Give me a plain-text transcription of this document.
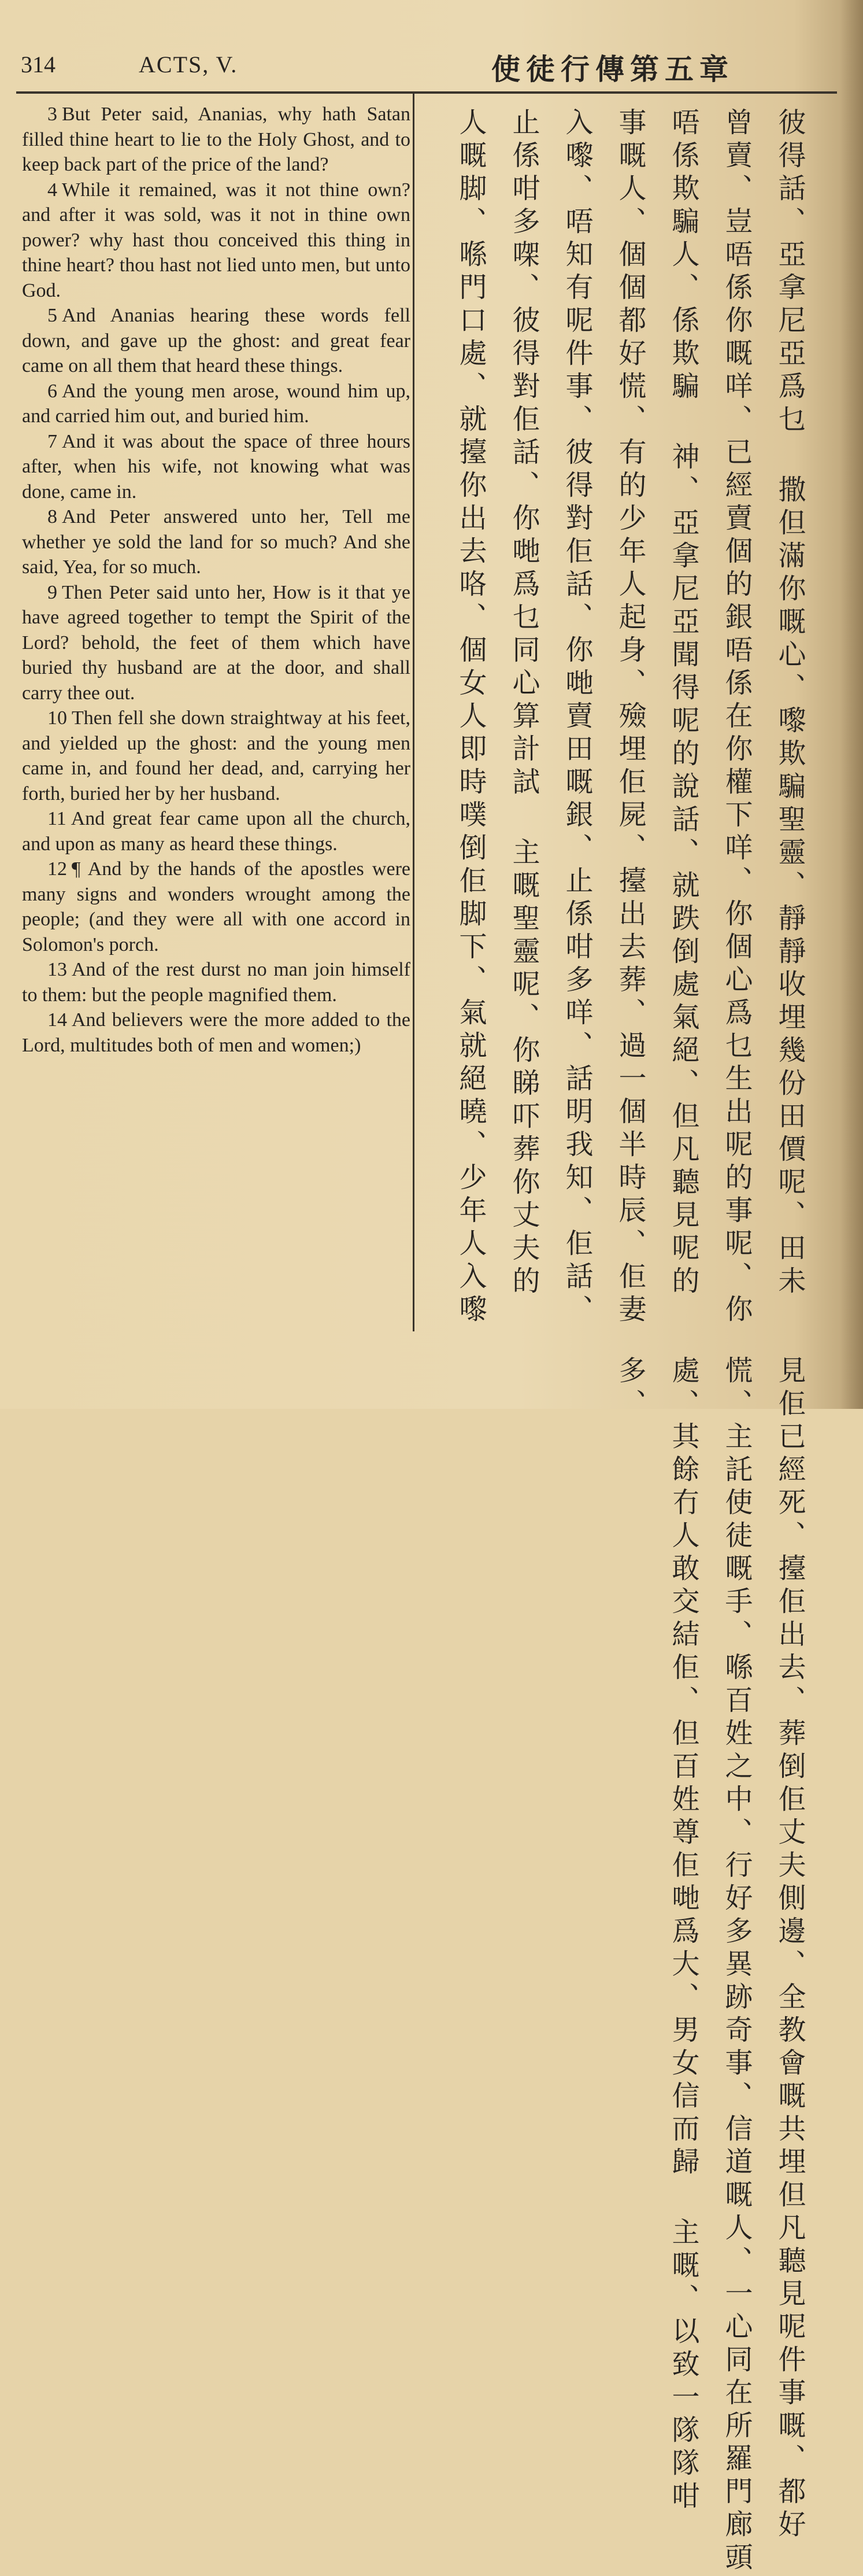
314	ACTS, V.	使徒行傳第五章

3 But Peter said, Ananias, why hath Satan filled thine heart to lie to the Holy Ghost, and to keep back part of the price of the land?

4 While it remained, was it not thine own? and after it was sold, was it not in thine own power? why hast thou conceived this thing in thine heart? thou hast not lied unto men, but unto God.

5 And Ananias hearing these words fell down, and gave up the ghost: and great fear came on all them that heard these things.

6 And the young men arose, wound him up, and carried him out, and buried him.

7 And it was about the space of three hours after, when his wife, not knowing what was done, came in.

8 And Peter answered unto her, Tell me whether ye sold the land for so much? And she said, Yea, for so much.

9 Then Peter said unto her, How is it that ye have agreed together to tempt the Spirit of the Lord? behold, the feet of them which have buried thy husband are at the door, and shall carry thee out.

10 Then fell she down straightway at his feet, and yielded up the ghost: and the young men came in, and found her dead, and, carrying her forth, buried her by her husband.

11 And great fear came upon all the church, and upon as many as heard these things.

12 ¶ And by the hands of the apostles were many signs and wonders wrought among the people; (and they were all with one accord in Solomon's porch.

13 And of the rest durst no man join himself to them: but the people magnified them.

14 And believers were the more added to the Lord, multitudes both of men and women;)	彼得話、亞拿尼亞爲乜 撒但滿你嘅心、嚟欺騙聖靈、靜靜收埋幾份田價呢、田未曾賣、豈唔係你嘅咩、已經賣個的銀唔係在你權下咩、你個心爲乜生出呢的事呢、你唔係欺騙人、係欺騙 神、亞拿尼亞聞得呢的說話、就跌倒處氣絕、但凡聽見呢的事嘅人、個個都好慌、有的少年人起身、殮埋佢屍、擡出去葬、過一個半時辰、佢妻入嚟、唔知有呢件事、彼得對佢話、你哋賣田嘅銀、止係咁多咩、話明我知、佢話、止係咁多㗎、彼得對佢話、你哋爲乜同心算計試 主嘅聖靈呢、你睇吓葬你丈夫的人嘅脚、喺門口處、就擡你出去咯、個女人即時噗倒佢脚下、氣就絕曉、少年人入嚟見佢已經死、擡佢出去、葬倒佢丈夫側邊、全教會嘅共埋但凡聽見呢件事嘅、都好慌、主託使徒嘅手、喺百姓之中、行好多異跡奇事、信道嘅人、一心同在所羅門廊頭處、其餘冇人敢交結佢、但百姓尊佢哋爲大、男女信而歸 主嘅、以致一隊隊咁多、
